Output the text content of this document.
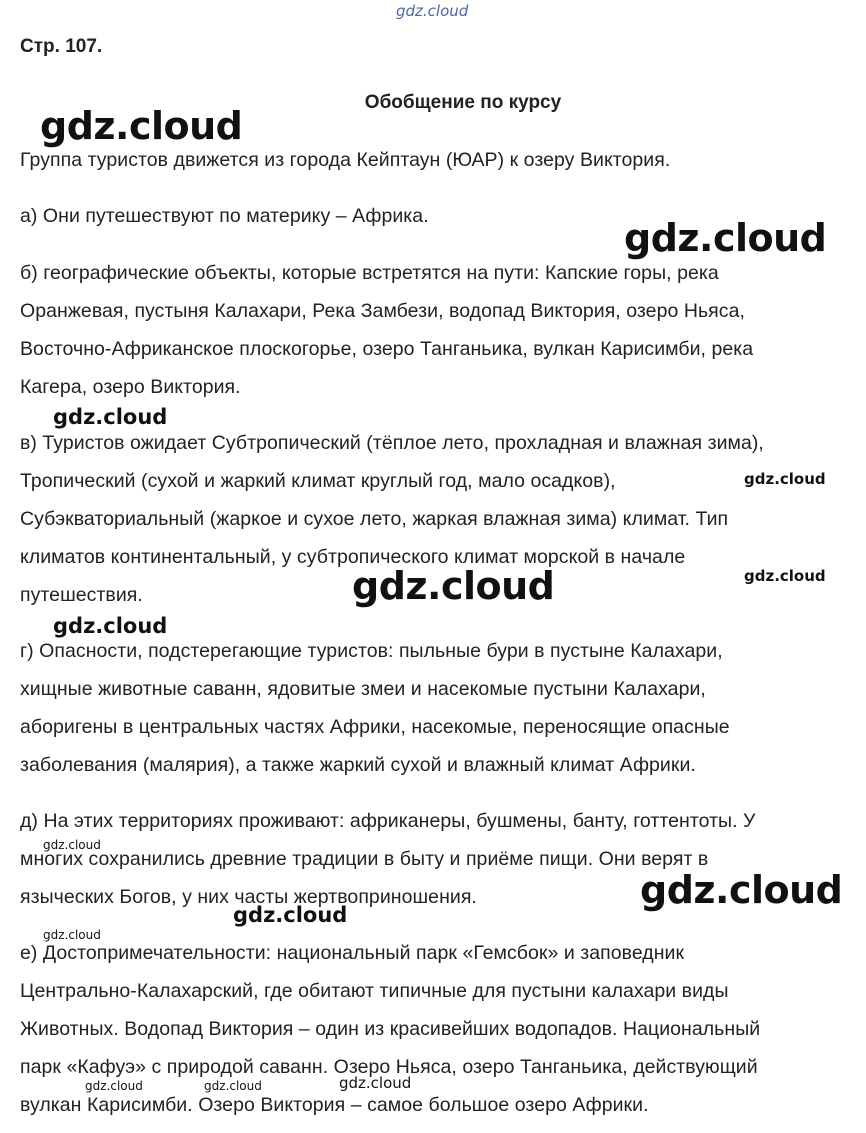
gdz.cloud
gdz.cloud
gdz.cloud
gdz.cloud
gdz.cloud
gdz.cloud
gdz.cloud
gdz.cloud
gdz.cloud
gdz.cloud
gdz.cloud
gdz.cloud
gdz.cloud	gdz.cloud	gdz.cloud
Стр. 107.
Обобщение по курсу
Группа туристов движется из города Кейптаун (ЮАР) к озеру Виктория.
а) Они путешествуют по материку – Африка.
б) географические объекты, которые встретятся на пути: Капские горы, река
Оранжевая, пустыня Калахари, Река Замбези, водопад Виктория, озеро Ньяса,
Восточно-Африканское плоскогорье, озеро Танганьика, вулкан Карисимби, река
Кагера, озеро Виктория.
в) Туристов ожидает Субтропический (тёплое лето, прохладная и влажная зима),
Тропический (сухой и жаркий климат круглый год, мало осадков),
Субэкваториальный (жаркое и сухое лето, жаркая влажная зима) климат. Тип
климатов континентальный, у субтропического климат морской в начале
путешествия.
г) Опасности, подстерегающие туристов: пыльные бури в пустыне Калахари,
хищные животные саванн, ядовитые змеи и насекомые пустыни Калахари,
аборигены в центральных частях Африки, насекомые, переносящие опасные
заболевания (малярия), а также жаркий сухой и влажный климат Африки.
д) На этих территориях проживают: африканеры, бушмены, банту, готтентоты. У
многих сохранились древние традиции в быту и приёме пищи. Они верят в
языческих Богов, у них часты жертвоприношения.
е) Достопримечательности: национальный парк «Гемсбок» и заповедник
Центрально-Калахарский, где обитают типичные для пустыни калахари виды
Животных. Водопад Виктория – один из красивейших водопадов. Национальный
парк «Кафуэ» с природой саванн. Озеро Ньяса, озеро Танганьика, действующий
вулкан Карисимби. Озеро Виктория – самое большое озеро Африки.
